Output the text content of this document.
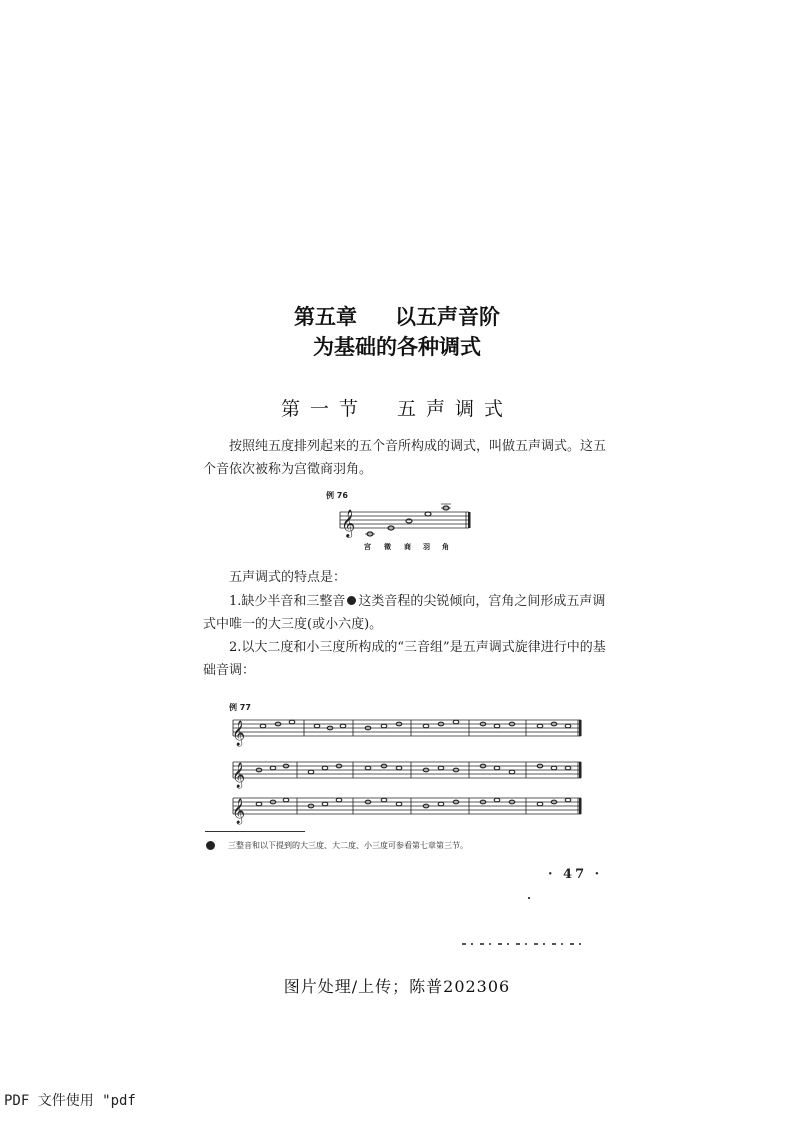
第五章 以五声音阶
为基础的各种调式
第一节　五声调式
按照纯五度排列起来的五个音所构成的调式，叫做五声调式。这五个音依次被称为宫徵商羽角。
例 76
𝄞
宫 徵 商 羽 角
五声调式的特点是：
1.缺少半音和三整音 这类音程的尖锐倾向，宫角之间形成五声调式中唯一的大三度(或小六度)。
2.以大二度和小三度所构成的“三音组”是五声调式旋律进行中的基础音调：
例 77
𝄞
𝄞
𝄞
三整音和以下提到的大三度、大二度、小三度可参看第七章第三节。
· 47 ·
图片处理/上传；陈普202306
PDF 文件使用 "pdf
